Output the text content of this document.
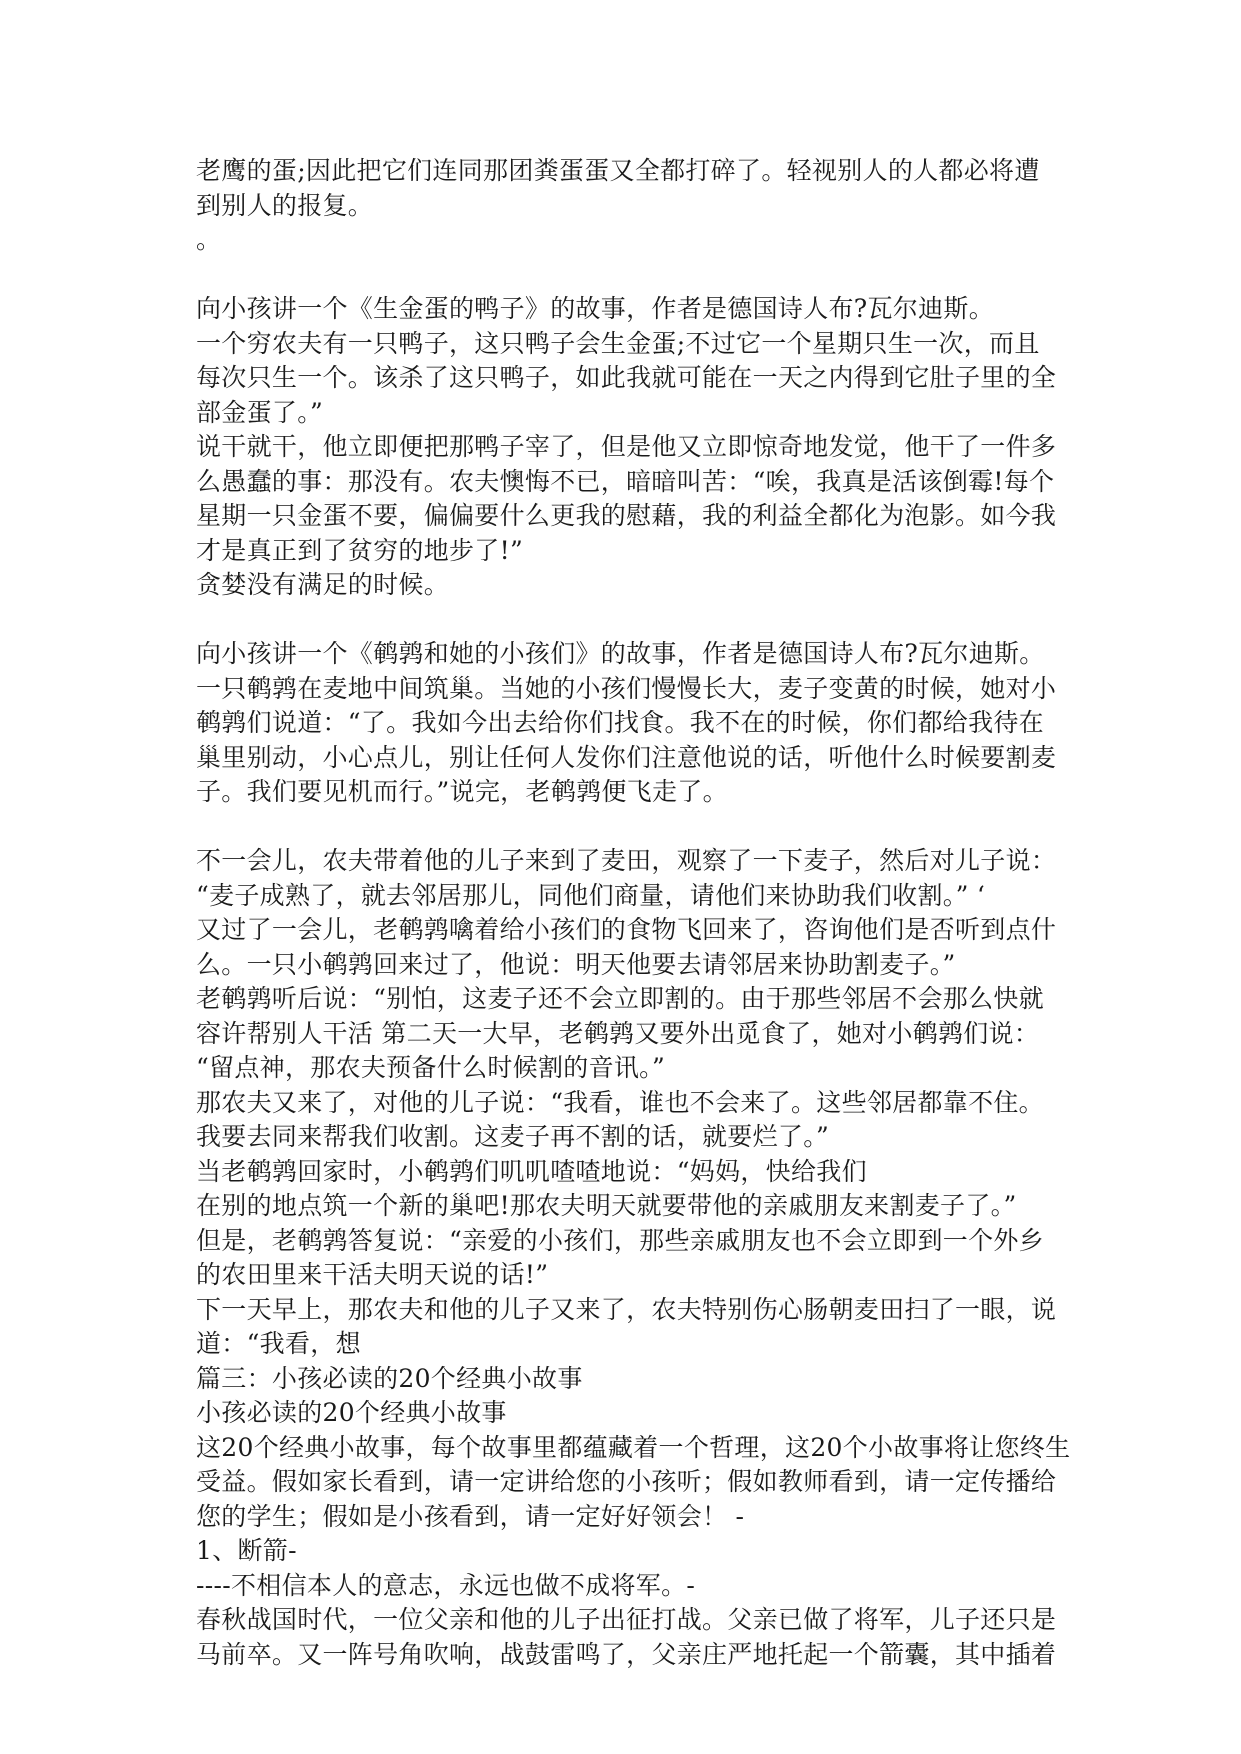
老鹰的蛋;因此把它们连同那团粪蛋蛋又全都打碎了。轻视别人的人都必将遭
到别人的报复。
。
向小孩讲一个《生金蛋的鸭子》的故事，作者是德国诗人布?瓦尔迪斯。
一个穷农夫有一只鸭子，这只鸭子会生金蛋;不过它一个星期只生一次，而且
每次只生一个。该杀了这只鸭子，如此我就可能在一天之内得到它肚子里的全
部金蛋了。”
说干就干，他立即便把那鸭子宰了，但是他又立即惊奇地发觉，他干了一件多
么愚蠢的事：那没有。农夫懊悔不已，暗暗叫苦：“唉，我真是活该倒霉!每个
星期一只金蛋不要，偏偏要什么更我的慰藉，我的利益全都化为泡影。如今我
才是真正到了贫穷的地步了!”
贪婪没有满足的时候。
向小孩讲一个《鹌鹑和她的小孩们》的故事，作者是德国诗人布?瓦尔迪斯。
一只鹌鹑在麦地中间筑巢。当她的小孩们慢慢长大，麦子变黄的时候，她对小
鹌鹑们说道：“了。我如今出去给你们找食。我不在的时候，你们都给我待在
巢里别动，小心点儿，别让任何人发你们注意他说的话，听他什么时候要割麦
子。我们要见机而行。”说完，老鹌鹑便飞走了。
不一会儿，农夫带着他的儿子来到了麦田，观察了一下麦子，然后对儿子说：
“麦子成熟了，就去邻居那儿，同他们商量，请他们来协助我们收割。” ‘
又过了一会儿，老鹌鹑噙着给小孩们的食物飞回来了，咨询他们是否听到点什
么。一只小鹌鹑回来过了，他说：明天他要去请邻居来协助割麦子。”
老鹌鹑听后说：“别怕，这麦子还不会立即割的。由于那些邻居不会那么快就
容许帮别人干活 第二天一大早，老鹌鹑又要外出觅食了，她对小鹌鹑们说：
“留点神，那农夫预备什么时候割的音讯。”
那农夫又来了，对他的儿子说：“我看，谁也不会来了。这些邻居都靠不住。
我要去同来帮我们收割。这麦子再不割的话，就要烂了。”
当老鹌鹑回家时，小鹌鹑们叽叽喳喳地说：“妈妈，快给我们
在别的地点筑一个新的巢吧!那农夫明天就要带他的亲戚朋友来割麦子了。”
但是，老鹌鹑答复说：“亲爱的小孩们，那些亲戚朋友也不会立即到一个外乡
的农田里来干活夫明天说的话!”
下一天早上，那农夫和他的儿子又来了，农夫特别伤心肠朝麦田扫了一眼，说
道：“我看，想
篇三：小孩必读的20个经典小故事
小孩必读的20个经典小故事
这20个经典小故事，每个故事里都蕴藏着一个哲理，这20个小故事将让您终生
受益。假如家长看到，请一定讲给您的小孩听；假如教师看到，请一定传播给
您的学生；假如是小孩看到，请一定好好领会！ -
1、断箭-
----不相信本人的意志，永远也做不成将军。-
春秋战国时代，一位父亲和他的儿子出征打战。父亲已做了将军，儿子还只是
马前卒。又一阵号角吹响，战鼓雷鸣了，父亲庄严地托起一个箭囊，其中插着
